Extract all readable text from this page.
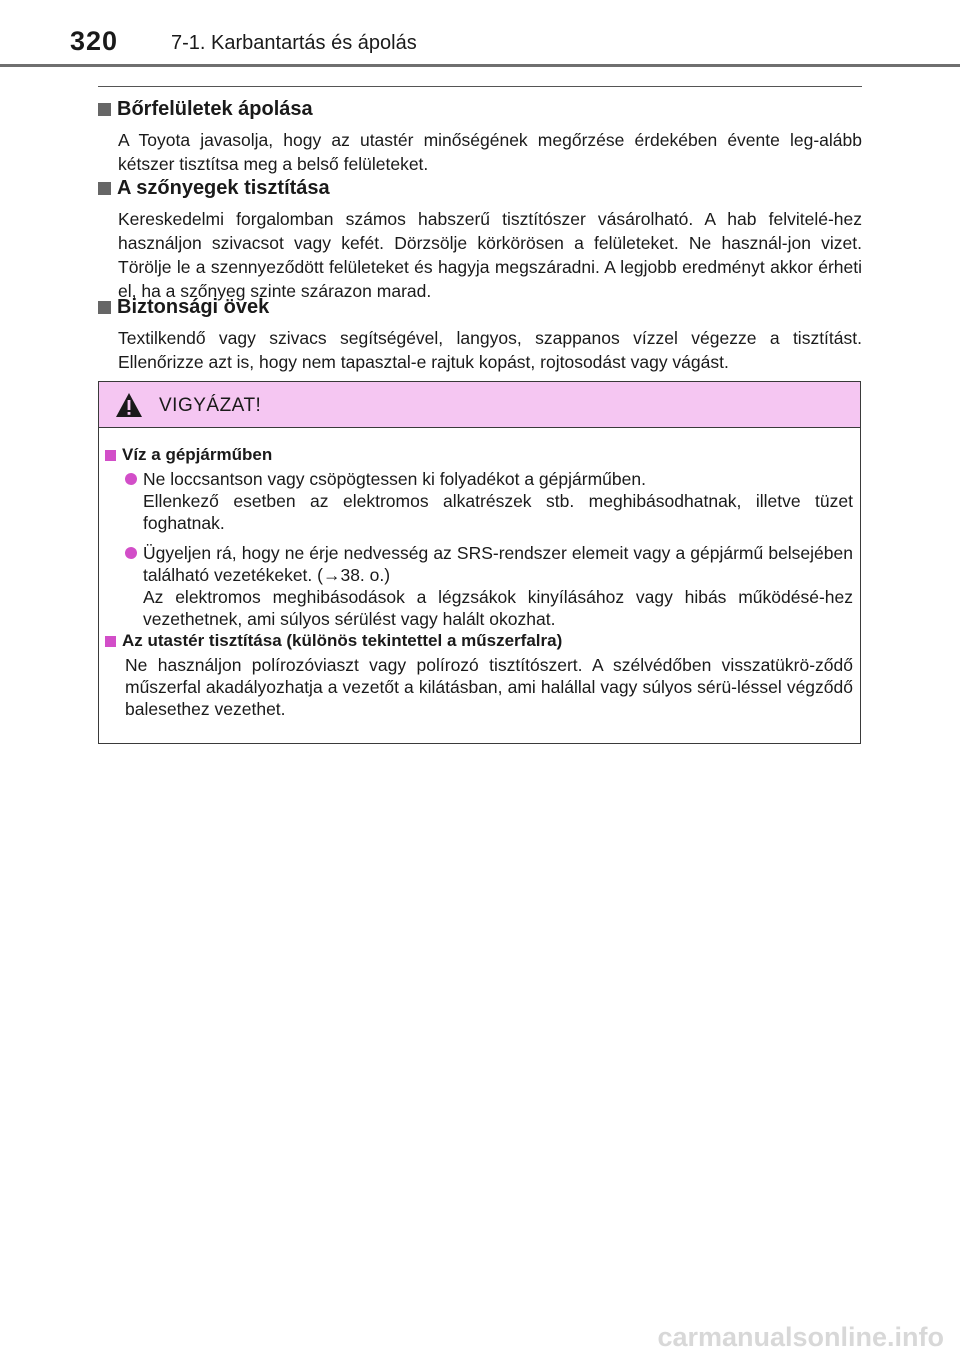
320	7-1. Karbantartás és ápolás
Bőrfelületek ápolása
A Toyota javasolja, hogy az utastér minőségének megőrzése érdekében évente leg-alább kétszer tisztítsa meg a belső felületeket.
A szőnyegek tisztítása
Kereskedelmi forgalomban számos habszerű tisztítószer vásárolható. A hab felvitelé-hez használjon szivacsot vagy kefét. Dörzsölje körkörösen a felületeket. Ne használ-jon vizet. Törölje le a szennyeződött felületeket és hagyja megszáradni. A legjobb eredményt akkor érheti el, ha a szőnyeg szinte szárazon marad.
Biztonsági övek
Textilkendő vagy szivacs segítségével, langyos, szappanos vízzel végezze a tisztítást. Ellenőrizze azt is, hogy nem tapasztal-e rajtuk kopást, rojtosodást vagy vágást.
VIGYÁZAT!
Víz a gépjárműben

Ne loccsantson vagy csöpögtessen ki folyadékot a gépjárműben.

Ellenkező esetben az elektromos alkatrészek stb. meghibásodhatnak, illetve tüzet foghatnak.

Ügyeljen rá, hogy ne érje nedvesség az SRS-rendszer elemeit vagy a gépjármű belsejében található vezetékeket. (→38. o.)

Az elektromos meghibásodások a légzsákok kinyílásához vagy hibás működésé-hez vezethetnek, ami súlyos sérülést vagy halált okozhat.

Az utastér tisztítása (különös tekintettel a műszerfalra)

Ne használjon polírozóviaszt vagy polírozó tisztítószert. A szélvédőben visszatükrö-ződő műszerfal akadályozhatja a vezetőt a kilátásban, ami halállal vagy súlyos sérü-léssel végződő balesethez vezethet.

carmanualsonline.info
